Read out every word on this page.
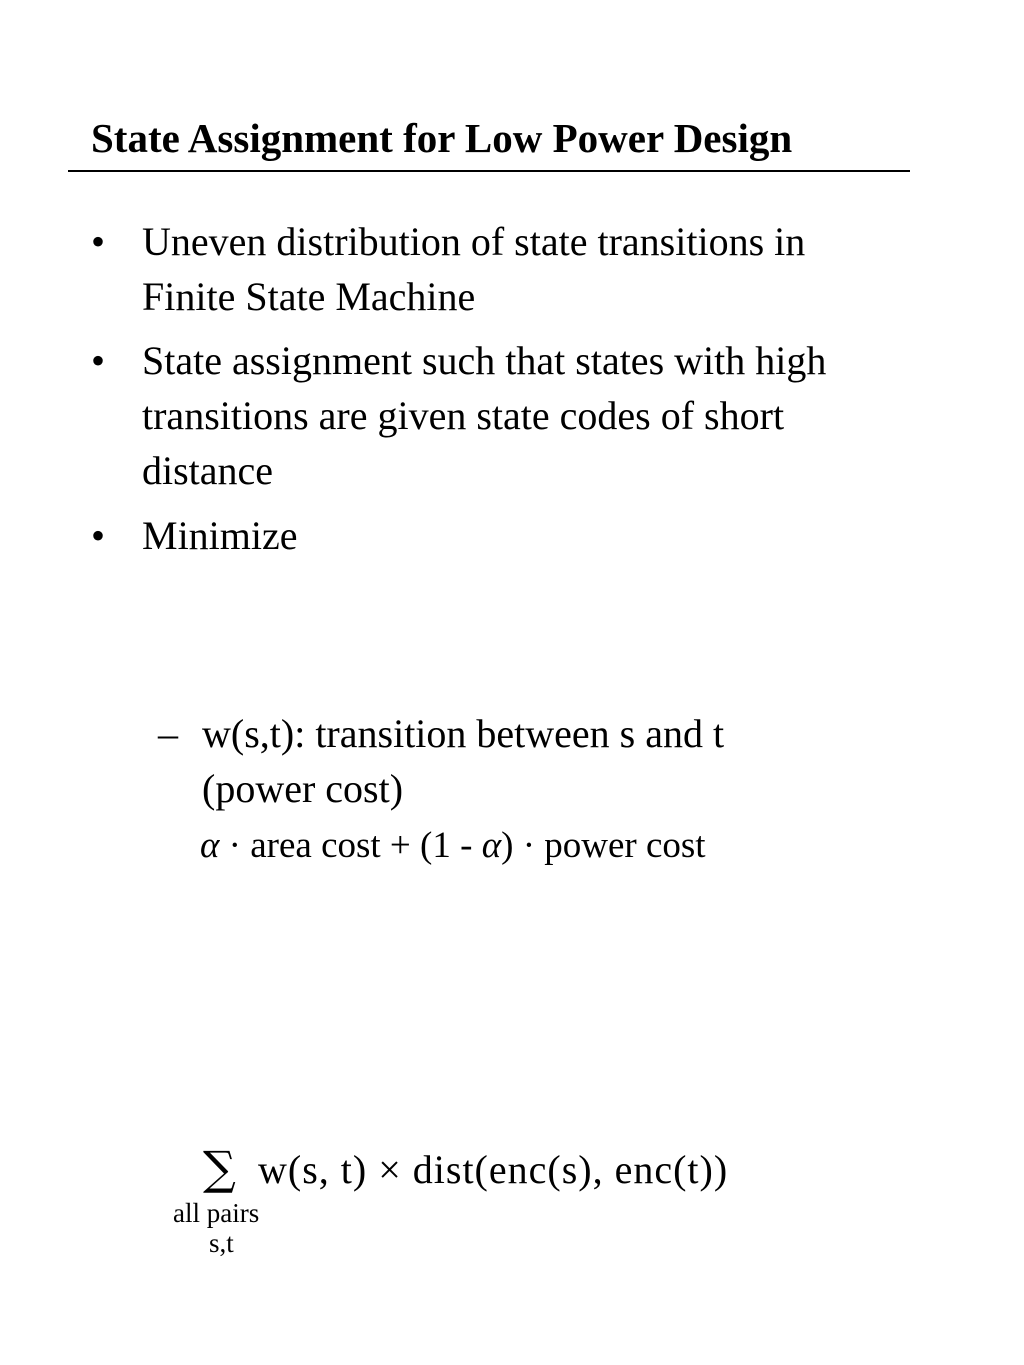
State Assignment for Low Power Design
• Uneven distribution of state transitions in
Finite State Machine
• State assignment such that states with high
transitions are given state codes of short
distance
• Minimize
∑ w(s, t) × dist(enc(s), enc(t))
all pairs
s,t
– w(s,t): transition between s and t
(power cost)
α · area cost + (1 - α) · power cost
